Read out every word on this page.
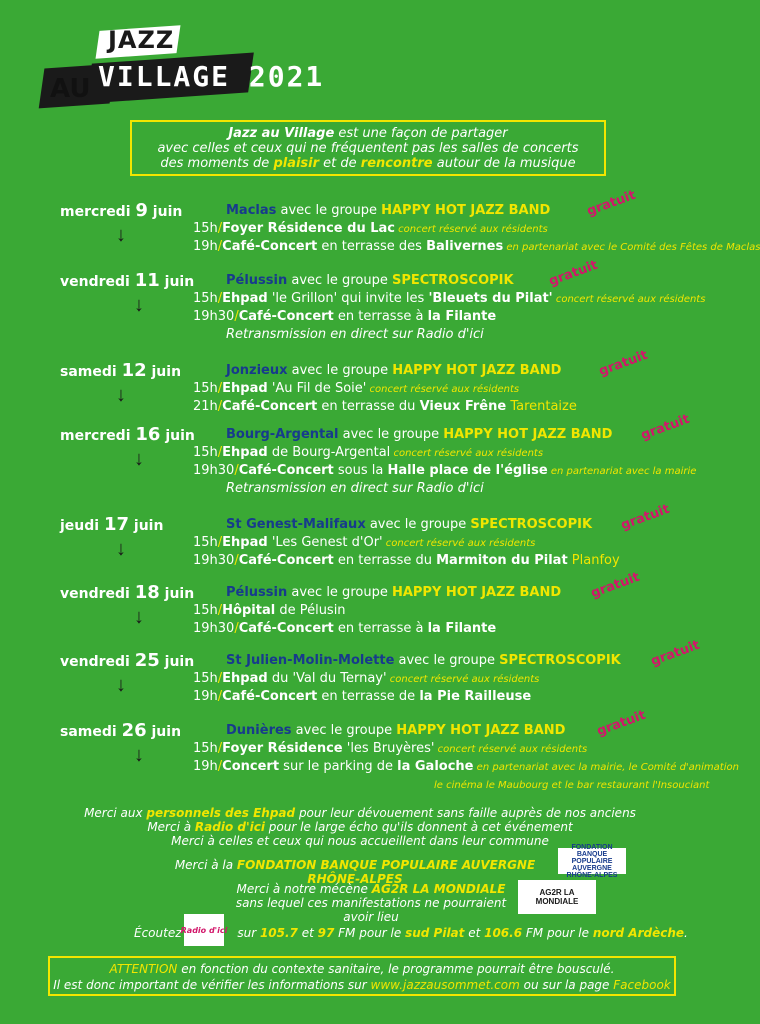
JAZZ
AU VILLAGE 2021
Jazz au Village est une façon de partager
avec celles et ceux qui ne fréquentent pas les salles de concerts
des moments de plaisir et de rencontre autour de la musique
mercredi 9 juin
↓
Maclas avec le groupe HAPPY HOT JAZZ BAND	gratuit
15h/Foyer Résidence du Lac concert réservé aux résidents
19h/Café-Concert en terrasse des Balivernes en partenariat avec le Comité des Fêtes de Maclas
vendredi 11 juin
↓
Pélussin avec le groupe SPECTROSCOPIK	gratuit
15h/Ehpad 'le Grillon' qui invite les 'Bleuets du Pilat' concert réservé aux résidents
19h30/Café-Concert en terrasse à la Filante
Retransmission en direct sur Radio d'ici
samedi 12 juin
↓
Jonzieux avec le groupe HAPPY HOT JAZZ BAND	gratuit
15h/Ehpad 'Au Fil de Soie' concert réservé aux résidents
21h/Café-Concert en terrasse du Vieux Frêne Tarentaize
mercredi 16 juin
↓
Bourg-Argental avec le groupe HAPPY HOT JAZZ BAND gratuit
15h/Ehpad de Bourg-Argental concert réservé aux résidents
19h30/Café-Concert sous la Halle place de l'église en partenariat avec la mairie
Retransmission en direct sur Radio d'ici
jeudi 17 juin
↓
St Genest-Malifaux avec le groupe SPECTROSCOPIK gratuit
15h/Ehpad 'Les Genest d'Or' concert réservé aux résidents
19h30/Café-Concert en terrasse du Marmiton du Pilat Planfoy
vendredi 18 juin
↓
Pélussin avec le groupe HAPPY HOT JAZZ BAND gratuit
15h/Hôpital de Pélusin
19h30/Café-Concert en terrasse à la Filante
vendredi 25 juin
↓
St Julien-Molin-Molette avec le groupe SPECTROSCOPIK gratuit
15h/Ehpad du 'Val du Ternay' concert réservé aux résidents
19h/Café-Concert en terrasse de la Pie Railleuse
samedi 26 juin
↓
Dunières avec le groupe HAPPY HOT JAZZ BAND gratuit
15h/Foyer Résidence 'les Bruyères' concert réservé aux résidents
19h/Concert sur le parking de la Galoche en partenariat avec la mairie, le Comité d'animation
le cinéma le Maubourg et le bar restaurant l'Insouciant
Merci aux personnels des Ehpad pour leur dévouement sans faille auprès de nos anciens
Merci à Radio d'ici pour le large écho qu'ils donnent à cet événement
Merci à celles et ceux qui nous accueillent dans leur commune
Merci à la FONDATION BANQUE POPULAIRE AUVERGNE RHÔNE-ALPES
FONDATION BANQUE POPULAIRE AUVERGNE RHÔNE-ALPES
Merci à notre mécène AG2R LA MONDIALE
sans lequel ces manifestations ne pourraient avoir lieu
AG2R LA MONDIALE
Écoutez Radio d'ici sur 105.7 et 97 FM pour le sud Pilat et 106.6 FM pour le nord Ardèche.
ATTENTION en fonction du contexte sanitaire, le programme pourrait être bousculé.
Il est donc important de vérifier les informations sur www.jazzausommet.com ou sur la page Facebook
